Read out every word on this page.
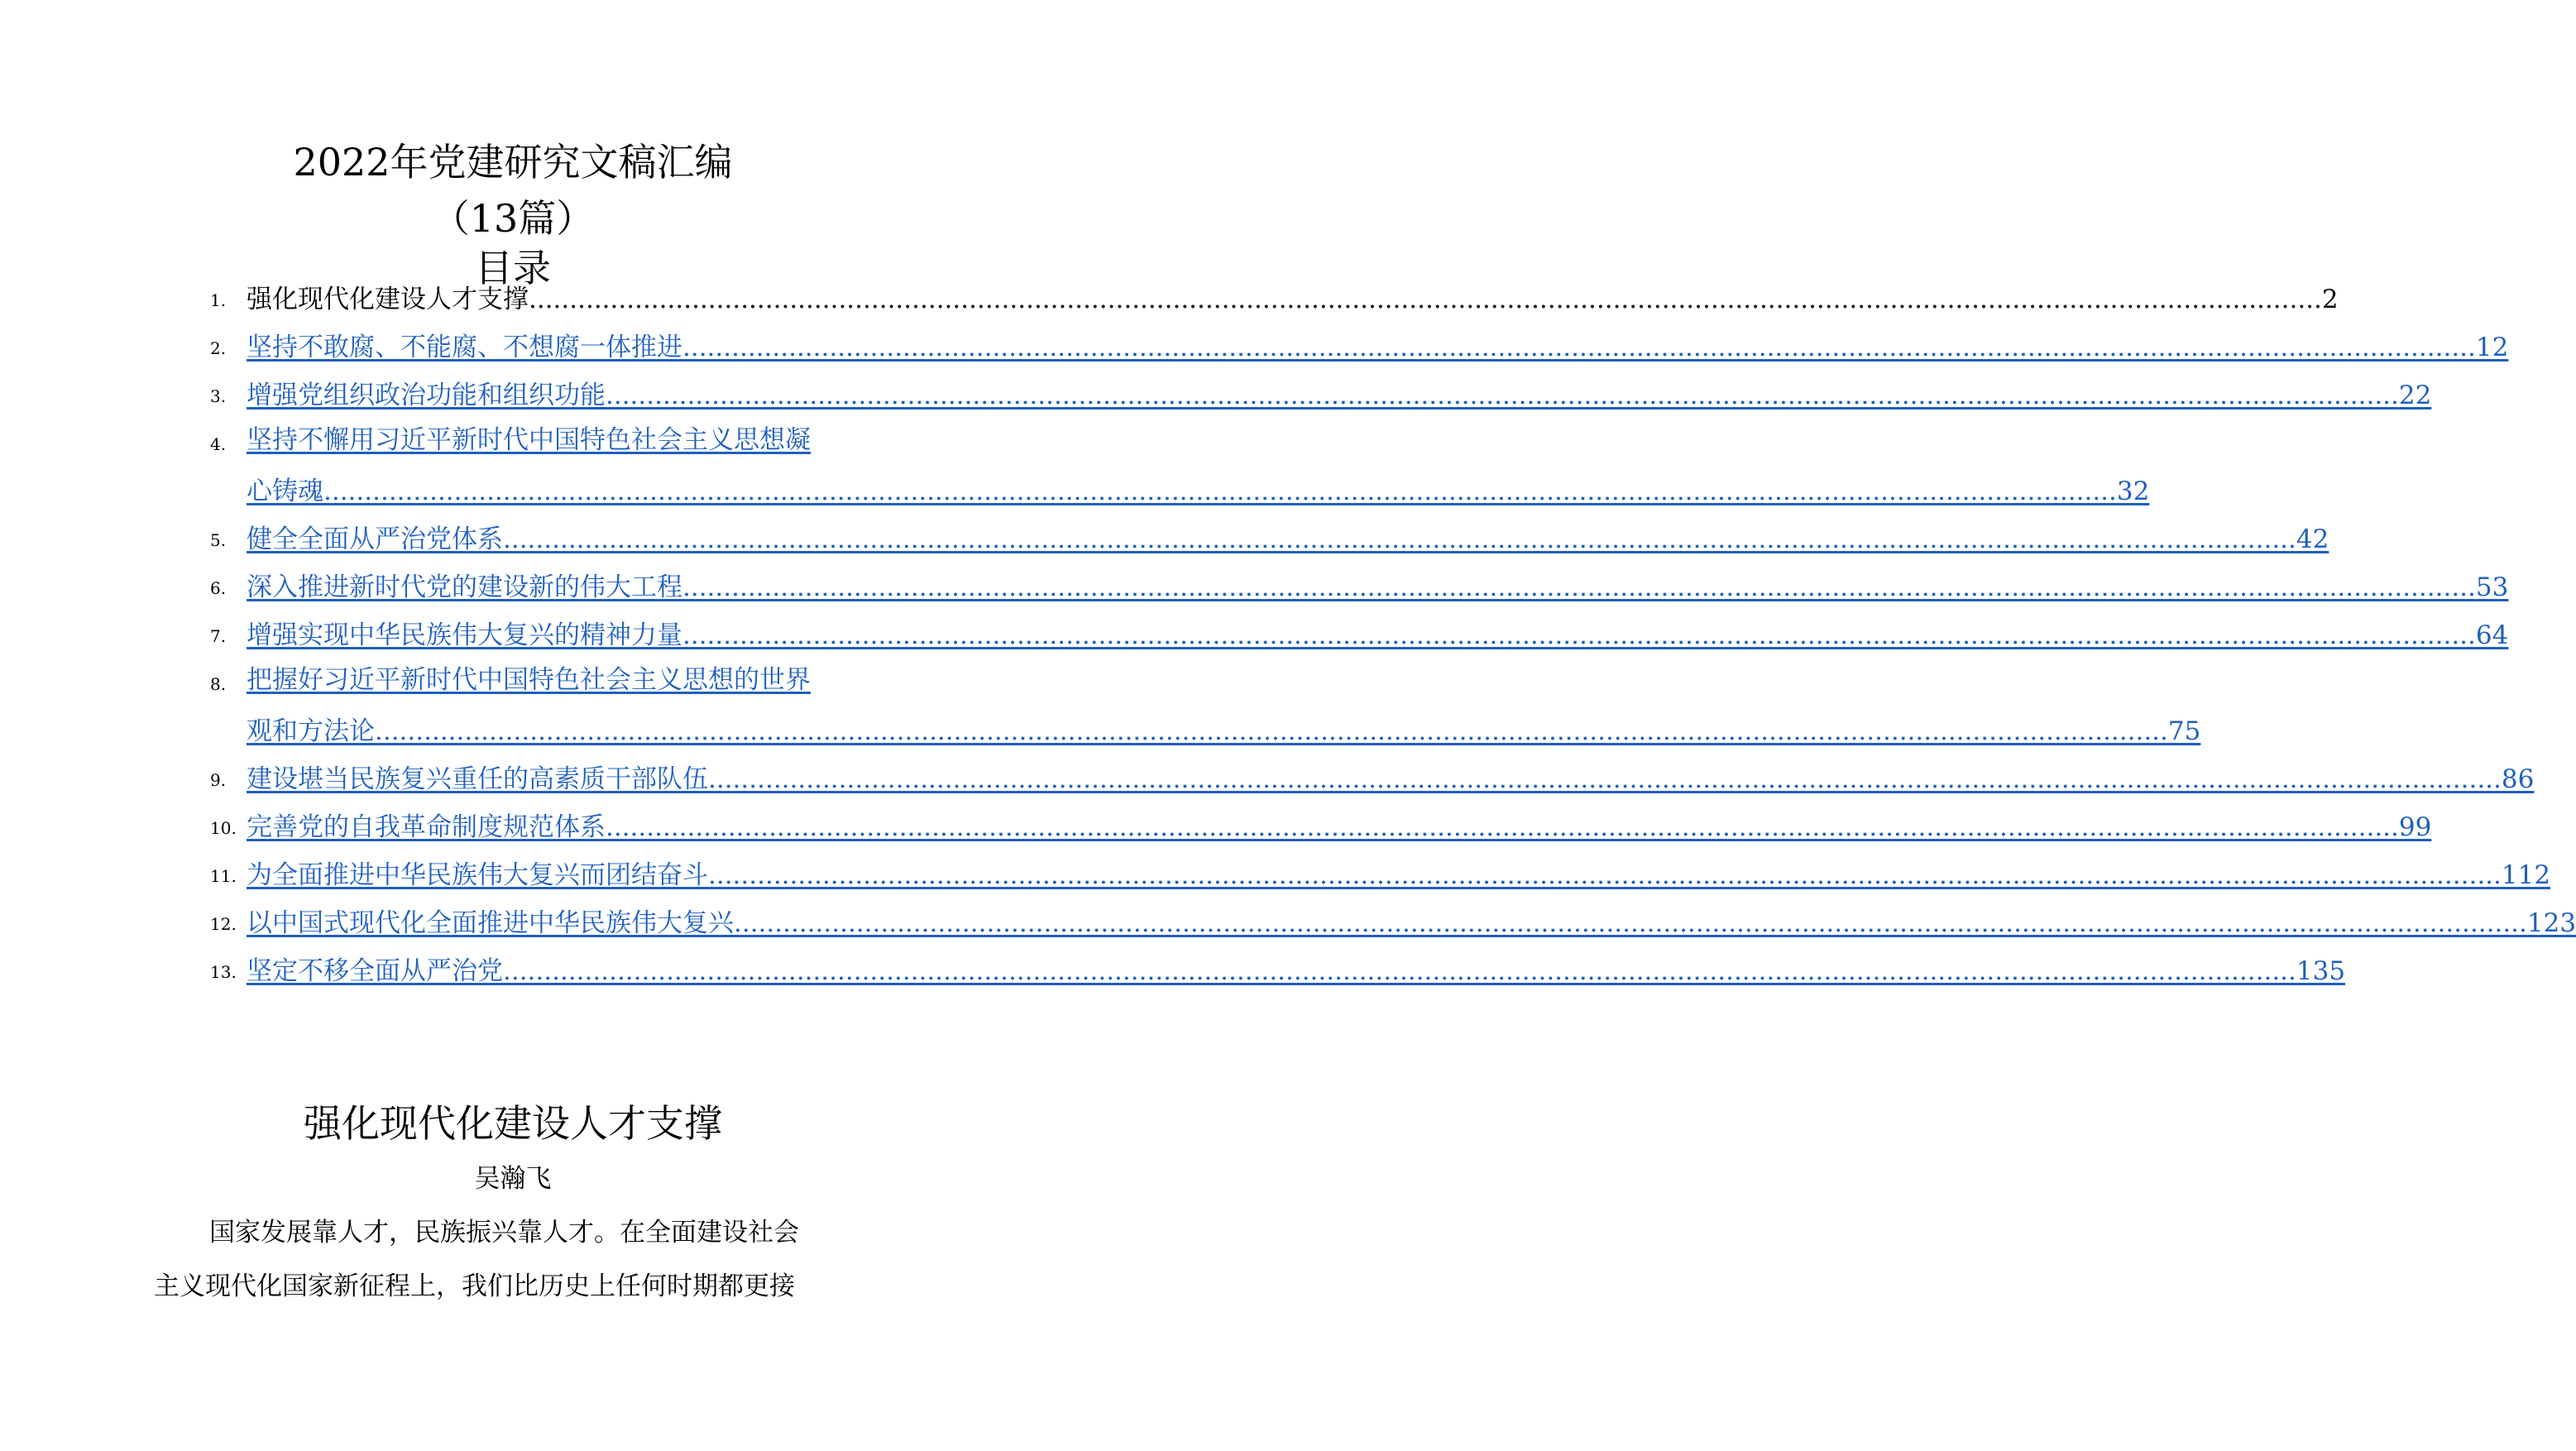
2022年党建研究文稿汇编
（13篇）
目录
1. 强化现代化建设人才支撑 ............................................................................................................................................................................................................................ 2
2. 坚持不敢腐、不能腐、不想腐一体推进 ............................................................................................................................................................................................................................ 12
3. 增强党组织政治功能和组织功能 ............................................................................................................................................................................................................................ 22
4. 坚持不懈用习近平新时代中国特色社会主义思想凝
心铸魂 ............................................................................................................................................................................................................................ 32
5. 健全全面从严治党体系 ............................................................................................................................................................................................................................ 42
6. 深入推进新时代党的建设新的伟大工程 ............................................................................................................................................................................................................................ 53
7. 增强实现中华民族伟大复兴的精神力量 ............................................................................................................................................................................................................................ 64
8. 把握好习近平新时代中国特色社会主义思想的世界
观和方法论 ............................................................................................................................................................................................................................ 75
9. 建设堪当民族复兴重任的高素质干部队伍 ............................................................................................................................................................................................................................ 86
10. 完善党的自我革命制度规范体系 ............................................................................................................................................................................................................................ 99
11. 为全面推进中华民族伟大复兴而团结奋斗 ............................................................................................................................................................................................................................ 112
12. 以中国式现代化全面推进中华民族伟大复兴 ............................................................................................................................................................................................................................ 123
13. 坚定不移全面从严治党 ............................................................................................................................................................................................................................ 135
强化现代化建设人才支撑
吴瀚飞
国家发展靠人才，民族振兴靠人才。在全面建设社会
主义现代化国家新征程上，我们比历史上任何时期都更接
